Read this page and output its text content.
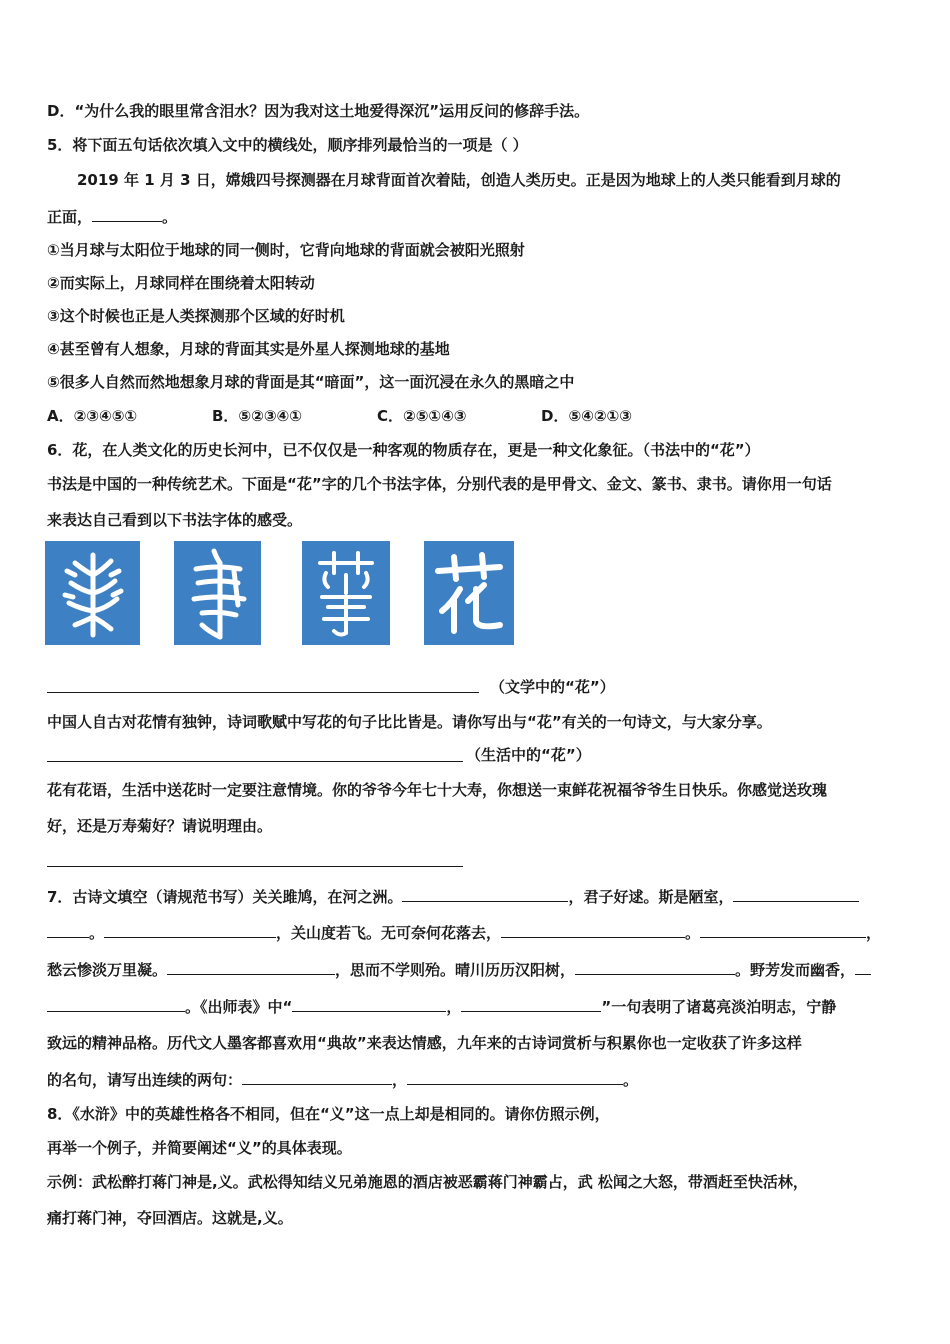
D．“为什么我的眼里常含泪水？因为我对这土地爱得深沉”运用反问的修辞手法。
5．将下面五句话依次填入文中的横线处，顺序排列最恰当的一项是（ ）
2019 年 1 月 3 日，嫦娥四号探测器在月球背面首次着陆，创造人类历史。正是因为地球上的人类只能看到月球的
正面，	。
①当月球与太阳位于地球的同一侧时，它背向地球的背面就会被阳光照射
②而实际上，月球同样在围绕着太阳转动
③这个时候也正是人类探测那个区域的好时机
④甚至曾有人想象，月球的背面其实是外星人探测地球的基地
⑤很多人自然而然地想象月球的背面是其“暗面”，这一面沉浸在永久的黑暗之中
A．②③④⑤①	B．⑤②③④①	C．②⑤①④③	D．⑤④②①③
6．花，在人类文化的历史长河中，已不仅仅是一种客观的物质存在，更是一种文化象征。（书法中的“花”）
书法是中国的一种传统艺术。下面是“花”字的几个书法字体，分别代表的是甲骨文、金文、篆书、隶书。请你用一句话
来表达自己看到以下书法字体的感受。
（文学中的“花”）
中国人自古对花情有独钟，诗词歌赋中写花的句子比比皆是。请你写出与“花”有关的一句诗文，与大家分享。
（生活中的“花”）
花有花语，生活中送花时一定要注意情境。你的爷爷今年七十大寿，你想送一束鲜花祝福爷爷生日快乐。你感觉送玫瑰
好，还是万寿菊好？请说明理由。
7．古诗文填空（请规范书写）关关雎鸠，在河之洲。	，君子好逑。斯是陋室，
。	，关山度若飞。无可奈何花落去，	。	，
愁云惨淡万里凝。	，思而不学则殆。晴川历历汉阳树，	。野芳发而幽香，
。《出师表》中“	，	”一句表明了诸葛亮淡泊明志，宁静
致远的精神品格。历代文人墨客都喜欢用“典故”来表达情感，九年来的古诗词赏析与积累你也一定收获了许多这样
的名句，请写出连续的两句：	，	。
8．《水浒》中的英雄性格各不相同，但在“义”这一点上却是相同的。请你仿照示例，
再举一个例子，并简要阐述“义”的具体表现。
示例：武松醉打蒋门神是,义。武松得知结义兄弟施恩的酒店被恶霸蒋门神霸占，武 松闻之大怒，带酒赶至快活林，
痛打蒋门神，夺回酒店。这就是,义。
